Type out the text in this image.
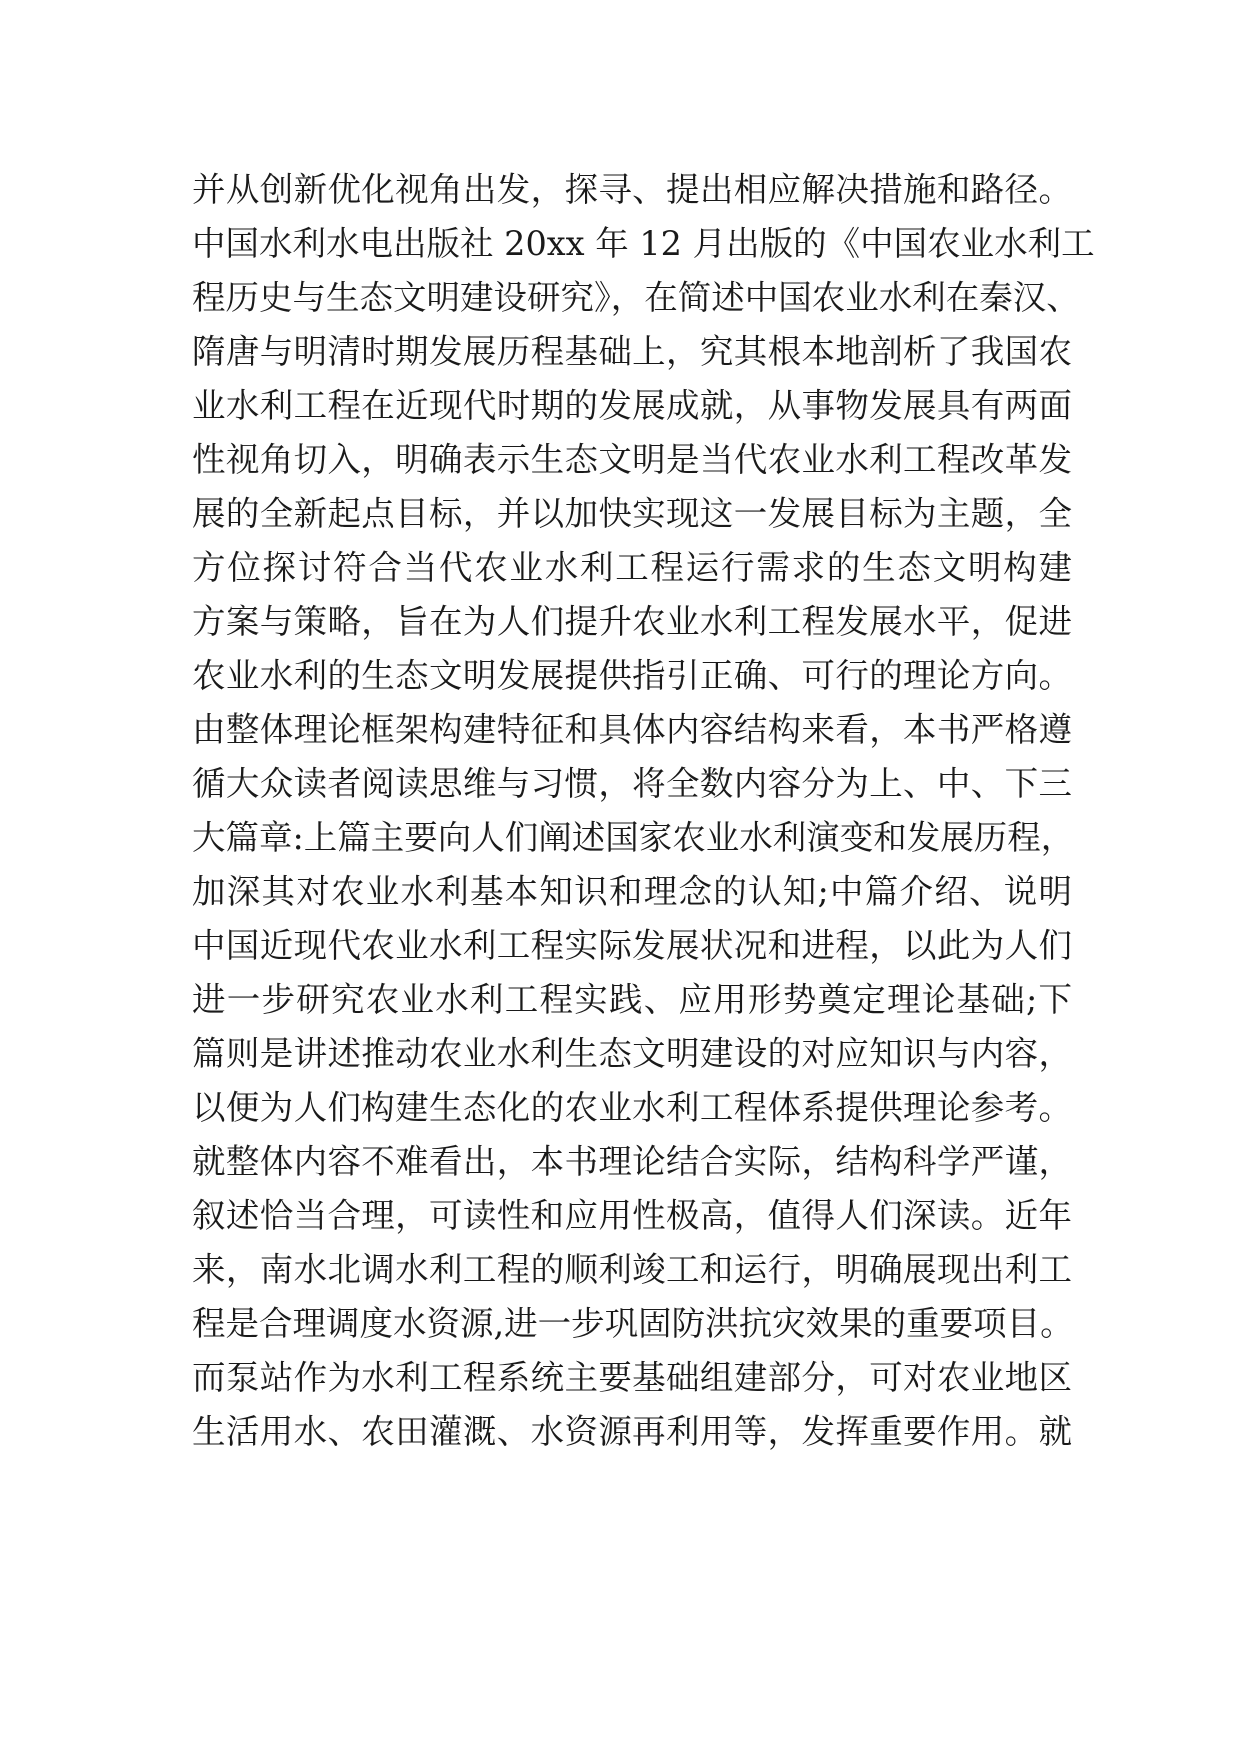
并从创新优化视角出发，探寻、提出相应解决措施和路径。
中国水利水电出版社 20xx 年 12 月出版的《中国农业水利工
程历史与生态文明建设研究》，在简述中国农业水利在秦汉、
隋唐与明清时期发展历程基础上，究其根本地剖析了我国农
业水利工程在近现代时期的发展成就，从事物发展具有两面
性视角切入，明确表示生态文明是当代农业水利工程改革发
展的全新起点目标，并以加快实现这一发展目标为主题，全
方位探讨符合当代农业水利工程运行需求的生态文明构建
方案与策略，旨在为人们提升农业水利工程发展水平，促进
农业水利的生态文明发展提供指引正确、可行的理论方向。
由整体理论框架构建特征和具体内容结构来看，本书严格遵
循大众读者阅读思维与习惯，将全数内容分为上、中、下三
大篇章:上篇主要向人们阐述国家农业水利演变和发展历程，
加深其对农业水利基本知识和理念的认知;中篇介绍、说明
中国近现代农业水利工程实际发展状况和进程，以此为人们
进一步研究农业水利工程实践、应用形势奠定理论基础;下
篇则是讲述推动农业水利生态文明建设的对应知识与内容，
以便为人们构建生态化的农业水利工程体系提供理论参考。
就整体内容不难看出，本书理论结合实际，结构科学严谨，
叙述恰当合理，可读性和应用性极高，值得人们深读。近年
来，南水北调水利工程的顺利竣工和运行，明确展现出利工
程是合理调度水资源,进一步巩固防洪抗灾效果的重要项目。
而泵站作为水利工程系统主要基础组建部分，可对农业地区
生活用水、农田灌溉、水资源再利用等，发挥重要作用。就
